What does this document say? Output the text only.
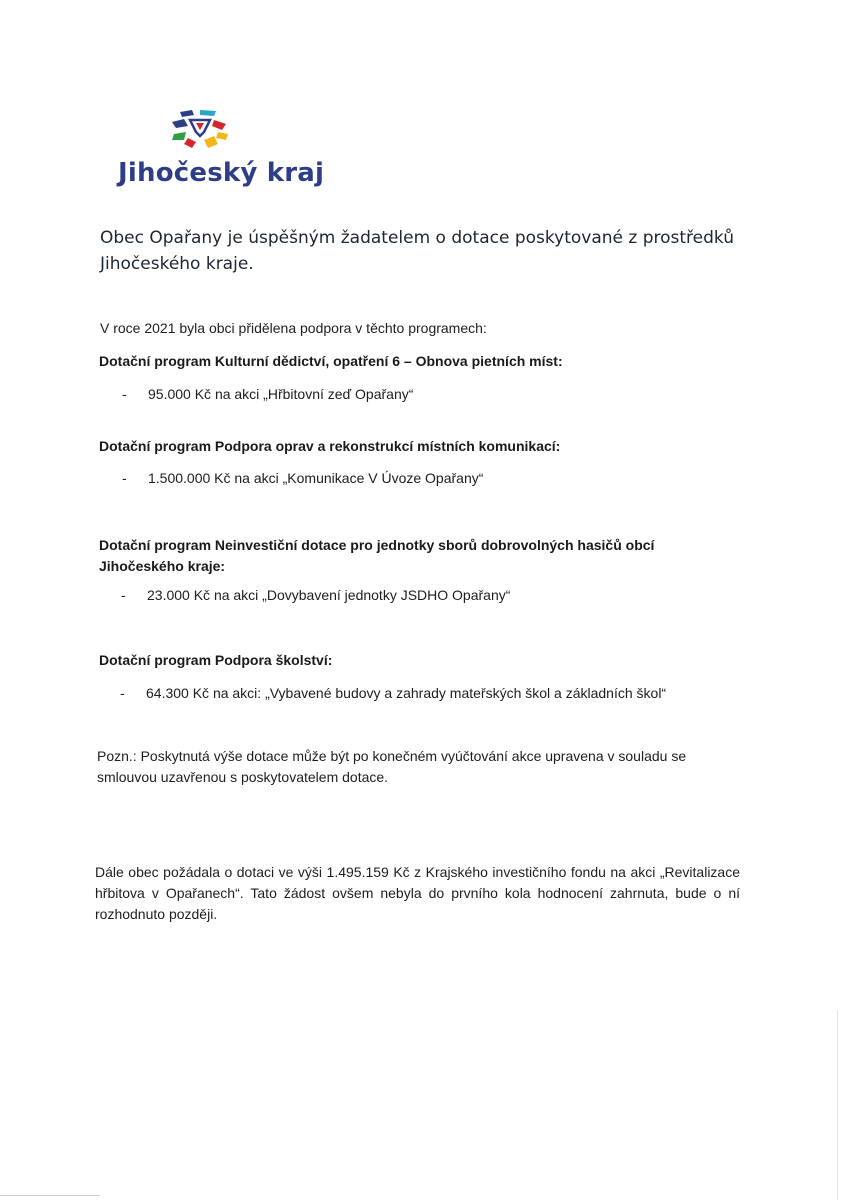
Jihočeský kraj
Obec Opařany je úspěšným žadatelem o dotace poskytované z prostředků Jihočeského kraje.
V roce 2021 byla obci přidělena podpora v těchto programech:
Dotační program Kulturní dědictví, opatření 6 – Obnova pietních míst:
- 95.000 Kč na akci „Hřbitovní zeď Opařany“
Dotační program Podpora oprav a rekonstrukcí místních komunikací:
- 1.500.000 Kč na akci „Komunikace V Úvoze Opařany“
Dotační program Neinvestiční dotace pro jednotky sborů dobrovolných hasičů obcí Jihočeského kraje:
- 23.000 Kč na akci „Dovybavení jednotky JSDHO Opařany“
Dotační program Podpora školství:
- 64.300 Kč na akci: „Vybavené budovy a zahrady mateřských škol a základních škol“
Pozn.: Poskytnutá výše dotace může být po konečném vyúčtování akce upravena v souladu se smlouvou uzavřenou s poskytovatelem dotace.
Dále obec požádala o dotaci ve výši 1.495.159 Kč z Krajského investičního fondu na akci „Revitalizace hřbitova v Opařanech“. Tato žádost ovšem nebyla do prvního kola hodnocení zahrnuta, bude o ní rozhodnuto později.
